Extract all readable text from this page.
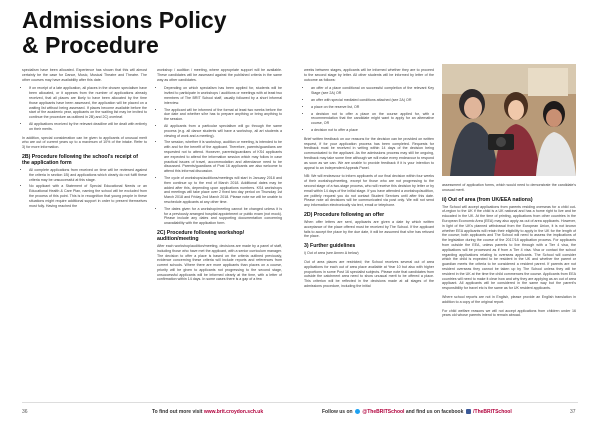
Admissions Policy
& Procedure

specialism have been allocated. Experience has shown that this will almost certainly be the case for Dance, Music, Musical Theatre and Theatre. The other courses may have availability after this date.

• If on receipt of a late application, all places in the chosen specialism have been allocated, or it appears from the number of applications already received, that all places are likely to have been allocated by the time those applicants have been assessed, the application will be placed on a waiting list without being assessed. If places become available before the start of the academic year, applicants on the waiting list may be invited to continue the procedure as outlined in 2B) and 2C) overleaf.
• All applications received by the relevant deadline will be dealt with entirely on their merits.

In addition, special consideration can be given to applicants of unusual merit who are out of current years up to a maximum of 10% of the intake. Refer to 3) for more information.

2B) Procedure following the school's receipt of the application form
• All complete applications from received on time will be reviewed against the criteria in section 1B) and applications which clearly do not fulfil these criteria may be unsuccessful at this stage.
• No applicant with a Statement of Special Educational Needs or an Educational Health & Care Plan, naming the school will be excluded from the process of this point. This is in recognition that young people in these situations might require additional support in order to present themselves most fully. Having reached the

workshop / audition / meeting, where appropriate support will be available. These candidates will be assessed against the published criteria in the same way as other candidates.

• Depending on which specialism has been applied for, students will be invited to participate in workshops / auditions or meetings with at least two members of The BRIT School staff, usually followed by a short informal interview.
• The applicant will be informed of the format at least two weeks before the due date and whether s/he has to prepare anything or bring anything to the session.
• All applicants from a particular specialism will go through the same process (e.g. all dance students will have a workshop, all art students a viewing of work and a meeting).
• The session, whether it is workshop, audition or meeting, is intended to be with and for the benefit of the applicant. Therefore, parents/guardians are requested not to attend. However, parents/guardians of KS4 applicants are expected to attend the information session which may follow in case practical issues of travel, accommodation and attendance need to be discussed. Parents/guardians of Post 16 applicants are also welcome to attend this informal discussion.
• The cycle of workshops/auditions/meetings will start in January 2018 and then continue up to the end of March 2018. Additional dates may be added after this, depending upon applications numbers. KS4 workshops and meetings will take place over 2 fixed two day period on Thursday 1st March 2018 and Friday 2nd March 2018. Please note we will be unable to reschedule applicants at any other time.
• The dates given for a workshop/meeting cannot be changed unless it is for a previously arranged hospital appointment or public exam (not mock). Please include any dates and supporting documentation concerning unavailability with the application form.
2C) Procedure following workshop/ audition/meeting

After each workshop/audition/meeting, decisions are made by a panel of staff, including those who have met the applicant, with a senior curriculum manager. The decision to offer a place is based on the criteria outlined previously, evidence concerning these criteria will include reports and references from current schools. Where there are more applicants than places on a course, priority will be given to applicants not progressing to the second stage, unsuccessful applicants will be informed clearly at the time, with a letter of confirmation within 14 days. In some cases there is a gap of a few

weeks between stages, applicants will be informed whether they are to proceed to the second stage by letter. All other students will be informed by letter of the outcome as follows:

• an offer of a place conditional on successful completion of the relevant Key Stage (see 2A) OR
• an offer with special mediated conditions attached (see 2A) OR
• a place on the reserve list, OR
• a decision not to offer a place on the course applied for, with a recommendation that the candidate might want to apply for an alternative course, OR
• a decision not to offer a place

Brief written feedback on our reasons for the decision can be provided on written request, if for your application process has been completed. Requests for feedback must be received in writing within 14 days of the decision being communicated to the applicant. As the admissions process may still be ongoing, feedback may take some time although we will make every endeavour to respond as soon as we can. We are unable to provide feedback if it is your intention to appeal to an independent Appeals Panel.

NB: We will endeavour to inform applicants of our final decision within four weeks of their workshop/meeting, except for those who are not progressing to the second stage of a two-stage process, who will receive this decision by letter or by email within 14 days of the initial stage. If you have attended a workshop/audition, we politely request you do not contact Student Services until after this date. Please note all decisions will be communicated via post only. We will not send any information electronically via text, email or telephone.

2D) Procedure following an offer

When offer letters are sent, applicants are given a date by which written acceptance of the place offered must be received by The School. If the applicant fails to accept the place by the due date, it will be assumed that s/he has refused the place.

3) Further guidelines

i) Out of area (see Annex A below)

Out of area places are restricted; the School receives several out of area applications for each out of area place available at Year 10 but also with higher proportions in some Post 16 specialist subjects. Please note that candidates from outside the catchment area need to show unusual merit to be offered a place. This criterion will be reflected in the decisions made at all stages of the admissions procedure, including the initial

assessment of application forms, which would need to demonstrate the candidate's unusual merit.

ii) Out of area (from UK/EEA nations)

The School will accept applications from parents residing overseas for a child out-of-region to the UK if the child is a UK national and has a home right to live and be educated in the UK. At the time of printing, applications from other countries in the European Economic Area (EEA) may also apply as out of area applicants. However, in light of the UK's planned withdrawal from the European Union, it is not known whether EEA applicants will retain their eligibility to apply in the UK for the length of the course; both applicants and The School will need to assess the implications of the legislation during the course of the 2017/18 application process. For applicants from outside the EEA, unless parents to live through with a Tier 4 visa, the applications will be processed as if from a Tier 4 visa. Visa or contact the school regarding applications relating to overseas applicants. The School will consider which the child is expected to be resident in the UK and whether the parent or guardian meets the criteria to be considered a resident parent. If parents are not resident overseas they cannot be taken up by The School unless they will be resident in the UK at the time the child commences the course. Applicants from EEA countries will need to make it clear how and why they are applying as an out of area applicant. All applicants will be considered in the same way but the parent's responsibility for travel etc is the same as for UK resident applicants.

Where school reports are not in English, please provide an English translation in addition to a copy of the original report.

For child welfare reasons we will not accept applications from children under 16 years old whose parents intend to remain abroad.

36	To find out more visit www.brit.croydon.sch.uk	Follow us on @TheBRITSchool and find us on facebook /TheBRITSchool	37
